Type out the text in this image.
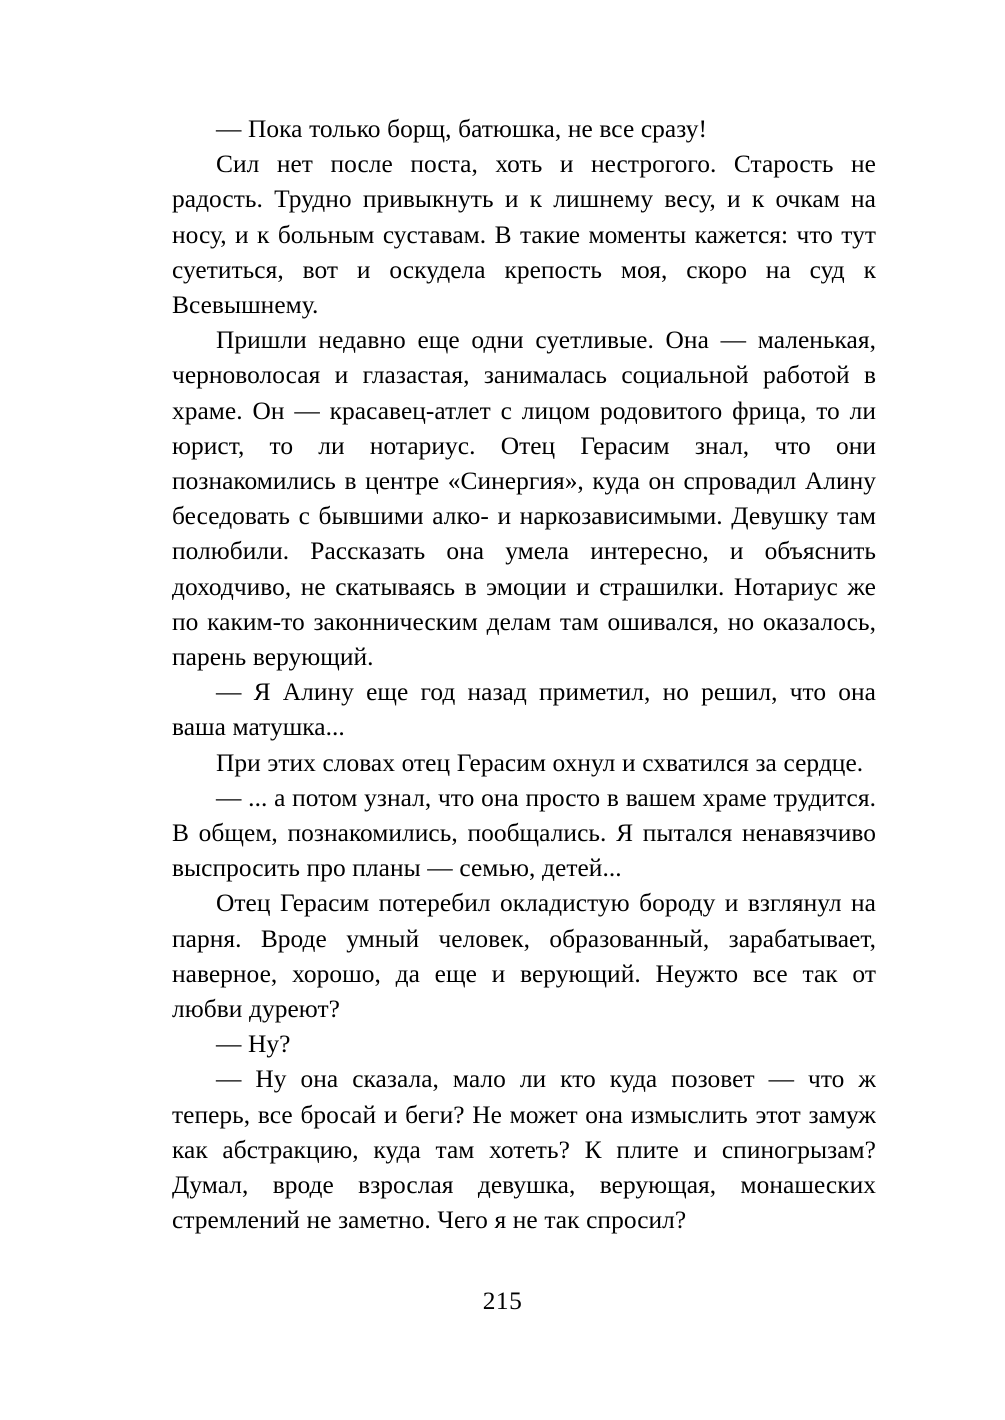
— Пока только борщ, батюшка, не все сразу!

Сил нет после поста, хоть и нестрогого. Старость не радость. Трудно привыкнуть и к лишнему весу, и к очкам на носу, и к больным суставам. В такие моменты кажется: что тут суетиться, вот и оскудела крепость моя, скоро на суд к Всевышнему.

Пришли недавно еще одни суетливые. Она — маленькая, черноволосая и глазастая, занималась социальной работой в храме. Он — красавец-атлет с лицом родовитого фрица, то ли юрист, то ли нотариус. Отец Герасим знал, что они познакомились в центре «Синергия», куда он спровадил Алину беседовать с бывшими алко- и наркозависимыми. Девушку там полюбили. Рассказать она умела интересно, и объяснить доходчиво, не скатываясь в эмоции и страшилки. Нотариус же по каким-то законническим делам там ошивался, но оказалось, парень верующий.

— Я Алину еще год назад приметил, но решил, что она ваша матушка...

При этих словах отец Герасим охнул и схватился за сердце.

— ... а потом узнал, что она просто в вашем храме трудится. В общем, познакомились, пообщались. Я пытался ненавязчиво выспросить про планы — семью, детей...

Отец Герасим потеребил окладистую бороду и взглянул на парня. Вроде умный человек, образованный, зарабатывает, наверное, хорошо, да еще и верующий. Неужто все так от любви дуреют?

— Ну?

— Ну она сказала, мало ли кто куда позовет — что ж теперь, все бросай и беги? Не может она измыслить этот замуж как абстракцию, куда там хотеть? К плите и спиногрызам? Думал, вроде взрослая девушка, верующая, монашеских стремлений не заметно. Чего я не так спросил?

215
